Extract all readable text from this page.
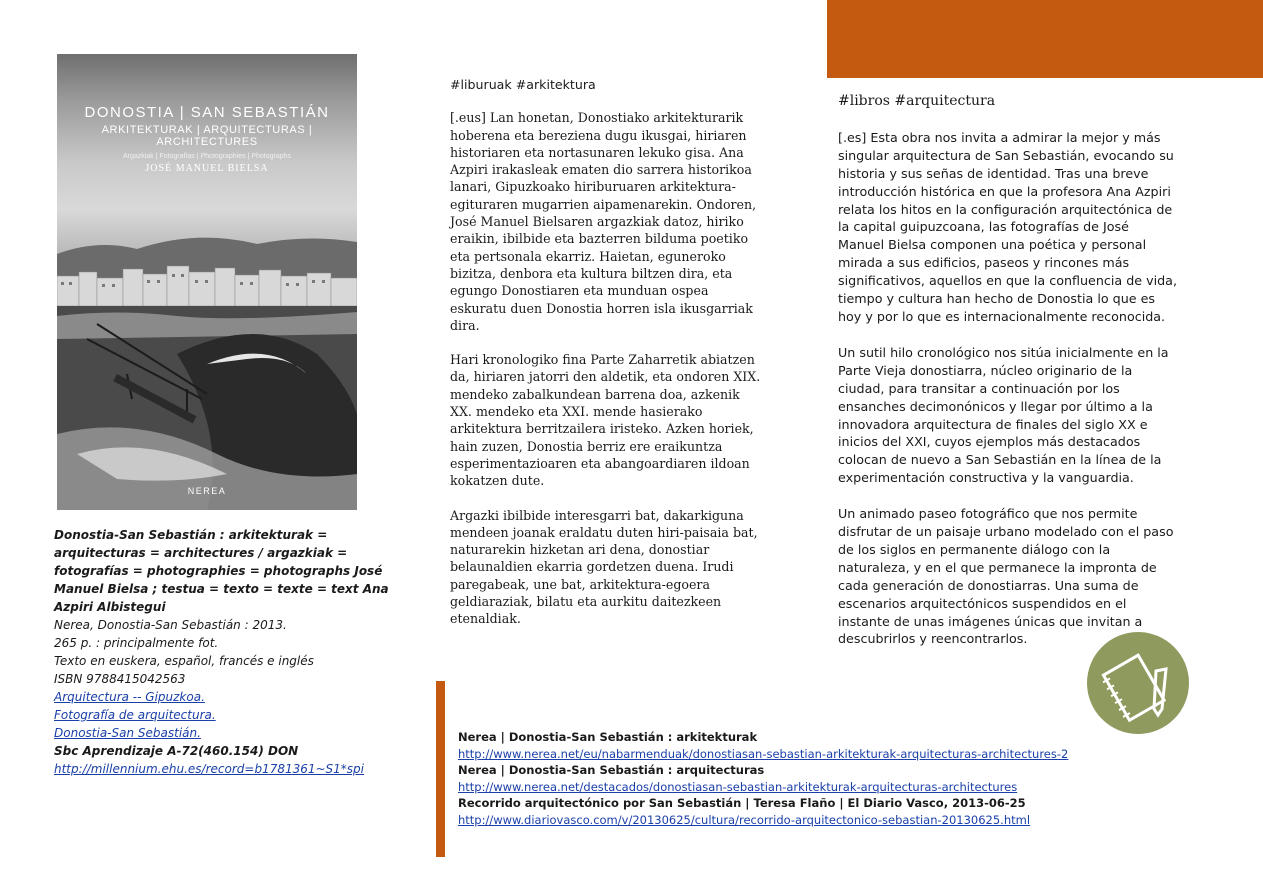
DONOSTIA | SAN SEBASTIÁN
ARKITEKTURAK | ARQUITECTURAS | ARCHITECTURES
Argazkiak | Fotografías | Photographies | Photographs
JOSÉ MANUEL BIELSA
NEREA
Donostia-San Sebastián : arkitekturak =
arquitecturas = architectures / argazkiak =
fotografías = photographies = photographs José
Manuel Bielsa ; testua = texto = texte = text Ana
Azpiri Albistegui
Nerea, Donostia-San Sebastián : 2013.
265 p. : principalmente fot.
Texto en euskera, español, francés e inglés
ISBN 9788415042563
Arquitectura -- Gipuzkoa.
Fotografía de arquitectura.
Donostia-San Sebastián.
Sbc Aprendizaje A-72(460.154) DON
http://millennium.ehu.es/record=b1781361~S1*spi
#liburuak #arkitektura
[.eus] Lan honetan, Donostiako arkitekturarik
hoberena eta bereziena dugu ikusgai, hiriaren
historiaren eta nortasunaren lekuko gisa. Ana
Azpiri irakasleak ematen dio sarrera historikoa
lanari, Gipuzkoako hiriburuaren arkitektura-
egituraren mugarrien aipamenarekin. Ondoren,
José Manuel Bielsaren argazkiak datoz, hiriko
eraikin, ibilbide eta bazterren bilduma poetiko
eta pertsonala ekarriz. Haietan, eguneroko
bizitza, denbora eta kultura biltzen dira, eta
egungo Donostiaren eta munduan ospea
eskuratu duen Donostia horren isla ikusgarriak
dira.
Hari kronologiko fina Parte Zaharretik abiatzen
da, hiriaren jatorri den aldetik, eta ondoren XIX.
mendeko zabalkundean barrena doa, azkenik
XX. mendeko eta XXI. mende hasierako
arkitektura berritzailera iristeko. Azken horiek,
hain zuzen, Donostia berriz ere eraikuntza
esperimentazioaren eta abangoardiaren ildoan
kokatzen dute.
Argazki ibilbide interesgarri bat, dakarkiguna
mendeen joanak eraldatu duten hiri-paisaia bat,
naturarekin hizketan ari dena, donostiar
belaunaldien ekarria gordetzen duena. Irudi
paregabeak, une bat, arkitektura-egoera
geldiaraziak, bilatu eta aurkitu daitezkeen
etenaldiak.
#libros #arquitectura
[.es] Esta obra nos invita a admirar la mejor y más
singular arquitectura de San Sebastián, evocando su
historia y sus señas de identidad. Tras una breve
introducción histórica en que la profesora Ana Azpiri
relata los hitos en la configuración arquitectónica de
la capital guipuzcoana, las fotografías de José
Manuel Bielsa componen una poética y personal
mirada a sus edificios, paseos y rincones más
significativos, aquellos en que la confluencia de vida,
tiempo y cultura han hecho de Donostia lo que es
hoy y por lo que es internacionalmente reconocida.
Un sutil hilo cronológico nos sitúa inicialmente en la
Parte Vieja donostiarra, núcleo originario de la
ciudad, para transitar a continuación por los
ensanches decimonónicos y llegar por último a la
innovadora arquitectura de finales del siglo XX e
inicios del XXI, cuyos ejemplos más destacados
colocan de nuevo a San Sebastián en la línea de la
experimentación constructiva y la vanguardia.
Un animado paseo fotográfico que nos permite
disfrutar de un paisaje urbano modelado con el paso
de los siglos en permanente diálogo con la
naturaleza, y en el que permanece la impronta de
cada generación de donostiarras. Una suma de
escenarios arquitectónicos suspendidos en el
instante de unas imágenes únicas que invitan a
descubrirlos y reencontrarlos.
Nerea | Donostia-San Sebastián : arkitekturak
http://www.nerea.net/eu/nabarmenduak/donostiasan-sebastian-arkitekturak-arquitecturas-architectures-2
Nerea | Donostia-San Sebastián : arquitecturas
http://www.nerea.net/destacados/donostiasan-sebastian-arkitekturak-arquitecturas-architectures
Recorrido arquitectónico por San Sebastián | Teresa Flaño | El Diario Vasco, 2013-06-25
http://www.diariovasco.com/v/20130625/cultura/recorrido-arquitectonico-sebastian-20130625.html
